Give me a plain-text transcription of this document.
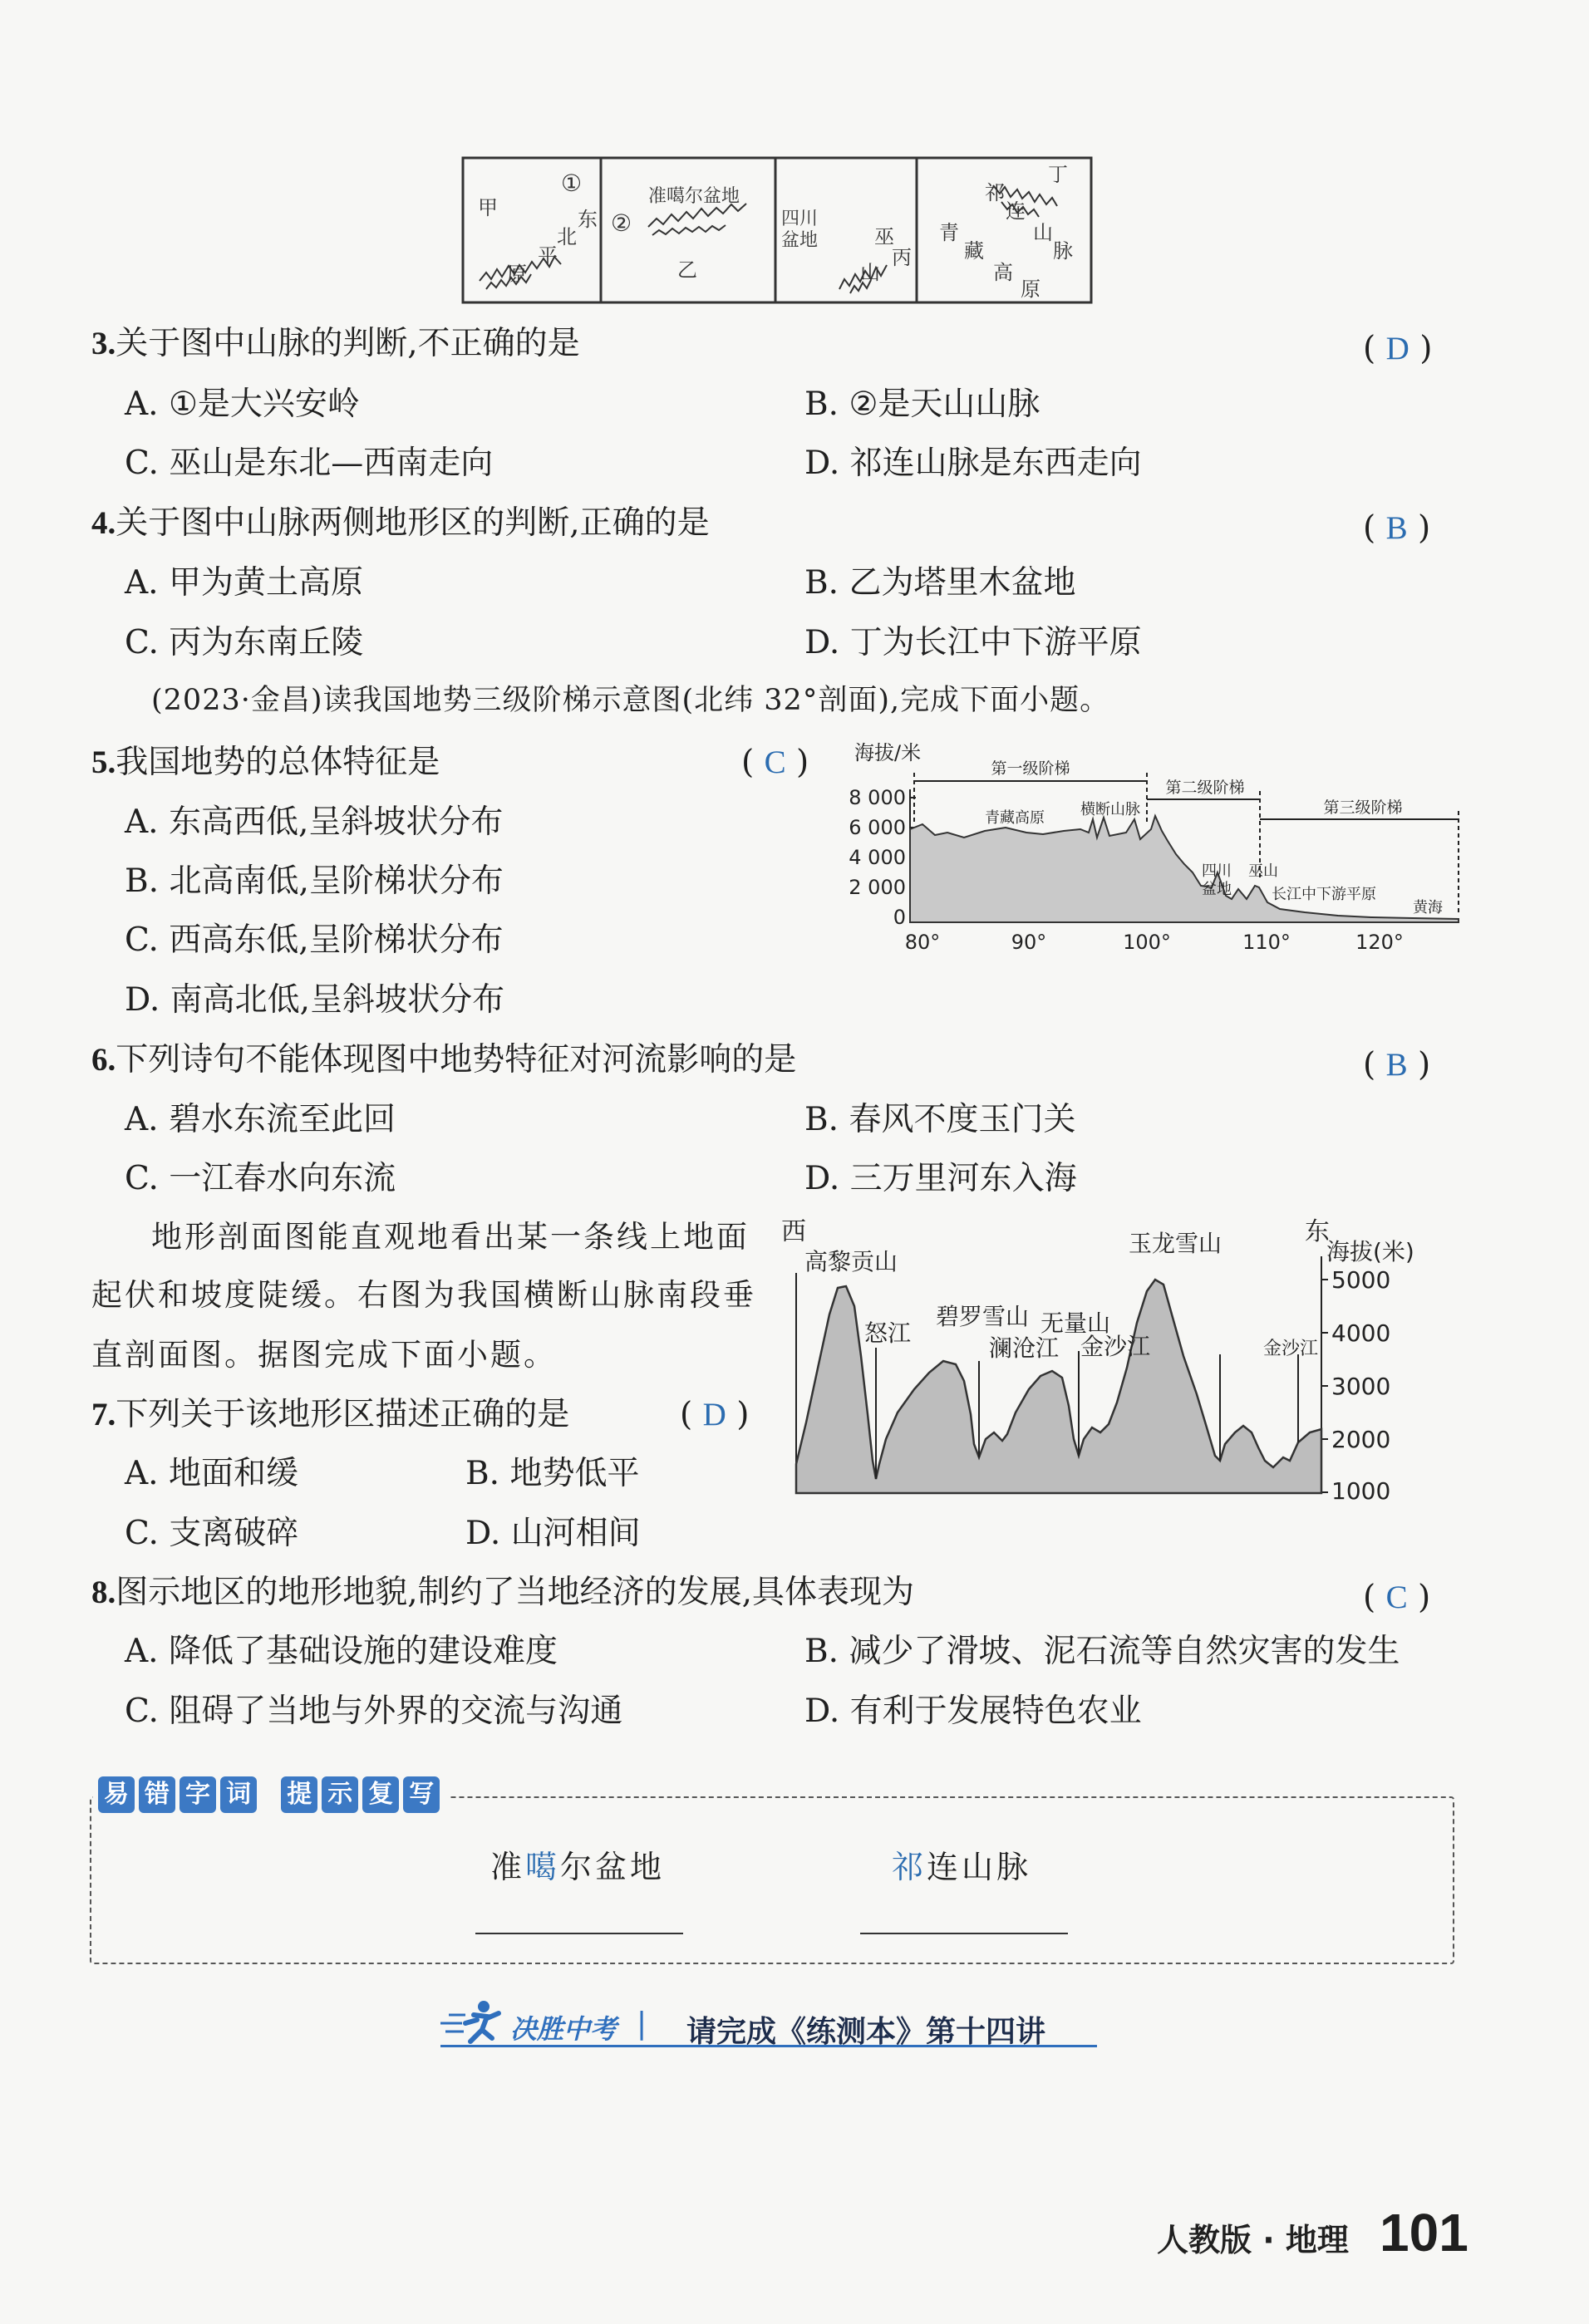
甲
①
东
北
平
原
准噶尔盆地
②
乙
四川
盆地	巫
山
丙
丁
祁
连
山
脉
青
藏
高
原
3.关于图中山脉的判断,不正确的是	( D )
A. ①是大兴安岭	B. ②是天山山脉
C. 巫山是东北—西南走向	D. 祁连山脉是东西走向
4.关于图中山脉两侧地形区的判断,正确的是	( B )
A. 甲为黄土高原	B. 乙为塔里木盆地
C. 丙为东南丘陵	D. 丁为长江中下游平原
(2023·金昌)读我国地势三级阶梯示意图(北纬 32°剖面),完成下面小题。
5.我国地势的总体特征是	( C )
A. 东高西低,呈斜坡状分布
B. 北高南低,呈阶梯状分布
C. 西高东低,呈阶梯状分布
D. 南高北低,呈斜坡状分布
海拔/米
8 000
6 000
4 000
2 000
0
第一级阶梯
第二级阶梯
第三级阶梯
青藏高原 横断山脉
四川
盆地
巫山
长江中下游平原
黄海
80°	90°	100°	110°	120°
6.下列诗句不能体现图中地势特征对河流影响的是	( B )
A. 碧水东流至此回	B. 春风不度玉门关
C. 一江春水向东流	D. 三万里河东入海
地形剖面图能直观地看出某一条线上地面
起伏和坡度陡缓。右图为我国横断山脉南段垂
直剖面图。据图完成下面小题。
7.下列关于该地形区描述正确的是	( D )
A. 地面和缓	B. 地势低平
C. 支离破碎	D. 山河相间
西	东
海拔(米)
5000
4000
3000
2000
1000
高黎贡山
怒江
碧罗雪山
澜沧江
无量山
金沙江
玉龙雪山
金沙江
8.图示地区的地形地貌,制约了当地经济的发展,具体表现为	( C )
A. 降低了基础设施的建设难度	B. 减少了滑坡、泥石流等自然灾害的发生
C. 阻碍了当地与外界的交流与沟通	D. 有利于发展特色农业
易 错 字 词 提 示 复 写
准噶尔盆地	祁连山脉
决胜中考 | 请完成《练测本》第十四讲
人教版 · 地理 101
